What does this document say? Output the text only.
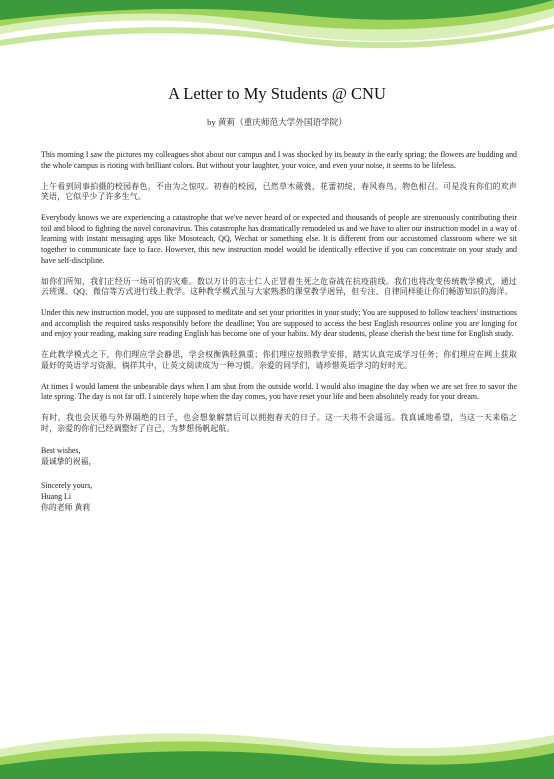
A Letter to My Students @ CNU
by 黄莉（重庆师范大学外国语学院）

This morning I saw the pictures my colleagues shot about our campus and I was shocked by its beauty in the early spring: the flowers are budding and the whole campus is rioting with brilliant colors. But without your laughter, your voice, and even your noise, it seems to be lifeless.

上午看到同事拍摄的校园春色，不由为之惊叹。初春的校园，已然草木葳蕤，花蕾初绽，春风春鸟，物色相召。可是没有你们的欢声笑语，它似乎少了许多生气。

Everybody knows we are experiencing a catastrophe that we've never heard of or expected and thousands of people are strenuously contributing their toil and blood to fighting the novel coronavirus. This catastrophe has dramatically remodeled us and we have to alter our instruction model in a way of learning with instant messaging apps like Mosoteach, QQ, Wechat or something else. It is different from our accustomed classroom where we sit together to communicate face to face. However, this new instruction model would be identically effective if you can concentrate on your study and have self-discipline.

如你们所知，我们正经历一场可怕的灾难。数以万计的志士仁人正冒着生死之危奋战在抗疫前线。我们也将改变传统教学模式，通过云班课、QQ、微信等方式进行线上教学。这种教学模式虽与大家熟悉的课堂教学迥异，但专注、自律同样能让你们畅游知识的海洋。

Under this new instruction model, you are supposed to meditate and set your priorities in your study; You are supposed to follow teachers' instructions and accomplish the required tasks responsibly before the deadline; You are supposed to access the best English resources online you are longing for and enjoy your reading, making sure reading English has become one of your habits. My dear students, please cherish the best time for English study.

在此教学模式之下，你们理应学会静思，学会权衡孰轻孰重；你们理应按照教学安排，踏实认真完成学习任务；你们理应在网上获取最好的英语学习资源，徜徉其中，让英文阅读成为一种习惯。亲爱的同学们，请珍惜英语学习的好时光。

At times I would lament the unbearable days when I am shut from the outside world. I would also imagine the day when we are set free to savor the late spring. The day is not far off. I sincerely hope when the day comes, you have reset your life and been absolutely ready for your dream.

有时，我也会厌倦与外界隔绝的日子，也会想象解禁后可以拥抱春天的日子。这一天将不会遥远。我真诚地希望，当这一天来临之时，亲爱的你们已经调整好了自己，为梦想扬帆起航。

Best wishes,

最诚挚的祝福，

Sincerely yours,

Huang Li

你的老师 黄莉
